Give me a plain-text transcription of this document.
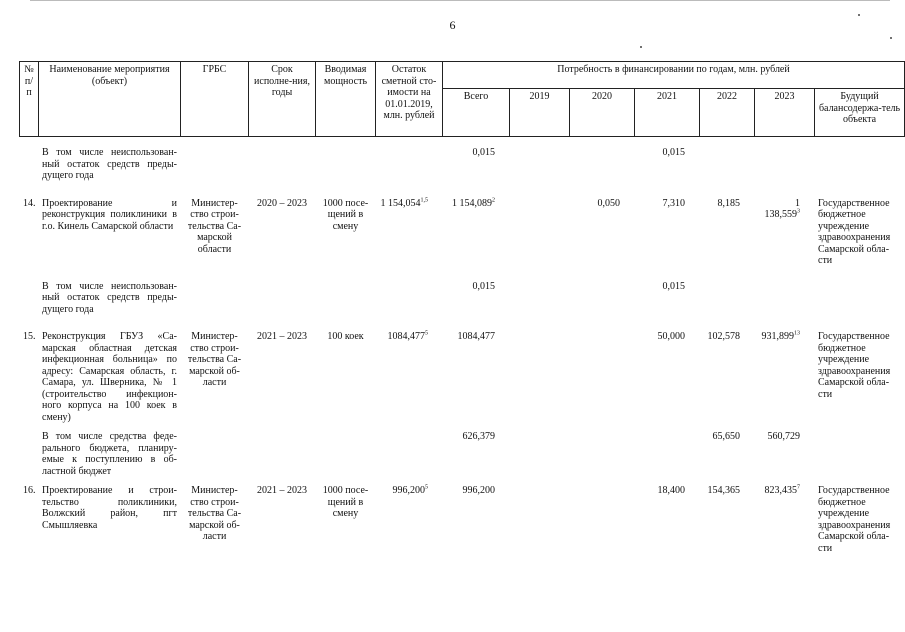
6
№ п/п	Наименование мероприятия (объект)	ГРБС	Срок исполне-ния, годы	Вводимая мощность	Остаток сметной сто-имости на 01.01.2019, млн. рублей	Потребность в финансировании по годам, млн. рублей						
						Всего	2019	2020	2021	2022	2023	Будущий балансодержа-тель объекта
	В том числе неиспользован-ный остаток средств преды-дущего года					0,015			0,015			
14.	Проектирование и реконструкция поликлиники в г.о. Кинель Самарской области	Министер-ство строи-тельства Са-марской области	2020 – 2023	1000 посе-щений в смену	1 154,054$^{1,5}$	1 154,089$^2$		0,050	7,310	8,185	1 138,559$^3$	Государственное бюджетное учреждение здравоохранения Самарской обла-сти
	В том числе неиспользован-ный остаток средств преды-дущего года					0,015			0,015			
15.	Реконструкция ГБУЗ «Са-марская областная детская инфекционная больница» по адресу: Самарская область, г. Самара, ул. Шверника, № 1 (строительство инфекцион-ного корпуса на 100 коек в смену)	Министер-ство строи-тельства Са-марской об-ласти	2021 – 2023	100 коек	1084,477$^5$	1084,477			50,000	102,578	931,899$^{13}$	Государственное бюджетное учреждение здравоохранения Самарской обла-сти
	В том числе средства феде-рального бюджета, планиру-емые к поступлению в об-ластной бюджет					626,379				65,650	560,729	
16.	Проектирование и строи-тельство поликлиники, Волжский район, пгт Смышляевка	Министер-ство строи-тельства Са-марской об-ласти	2021 – 2023	1000 посе-щений в смену	996,200$^5$	996,200			18,400	154,365	823,435$^7$	Государственное бюджетное учреждение здравоохранения Самарской обла-сти
